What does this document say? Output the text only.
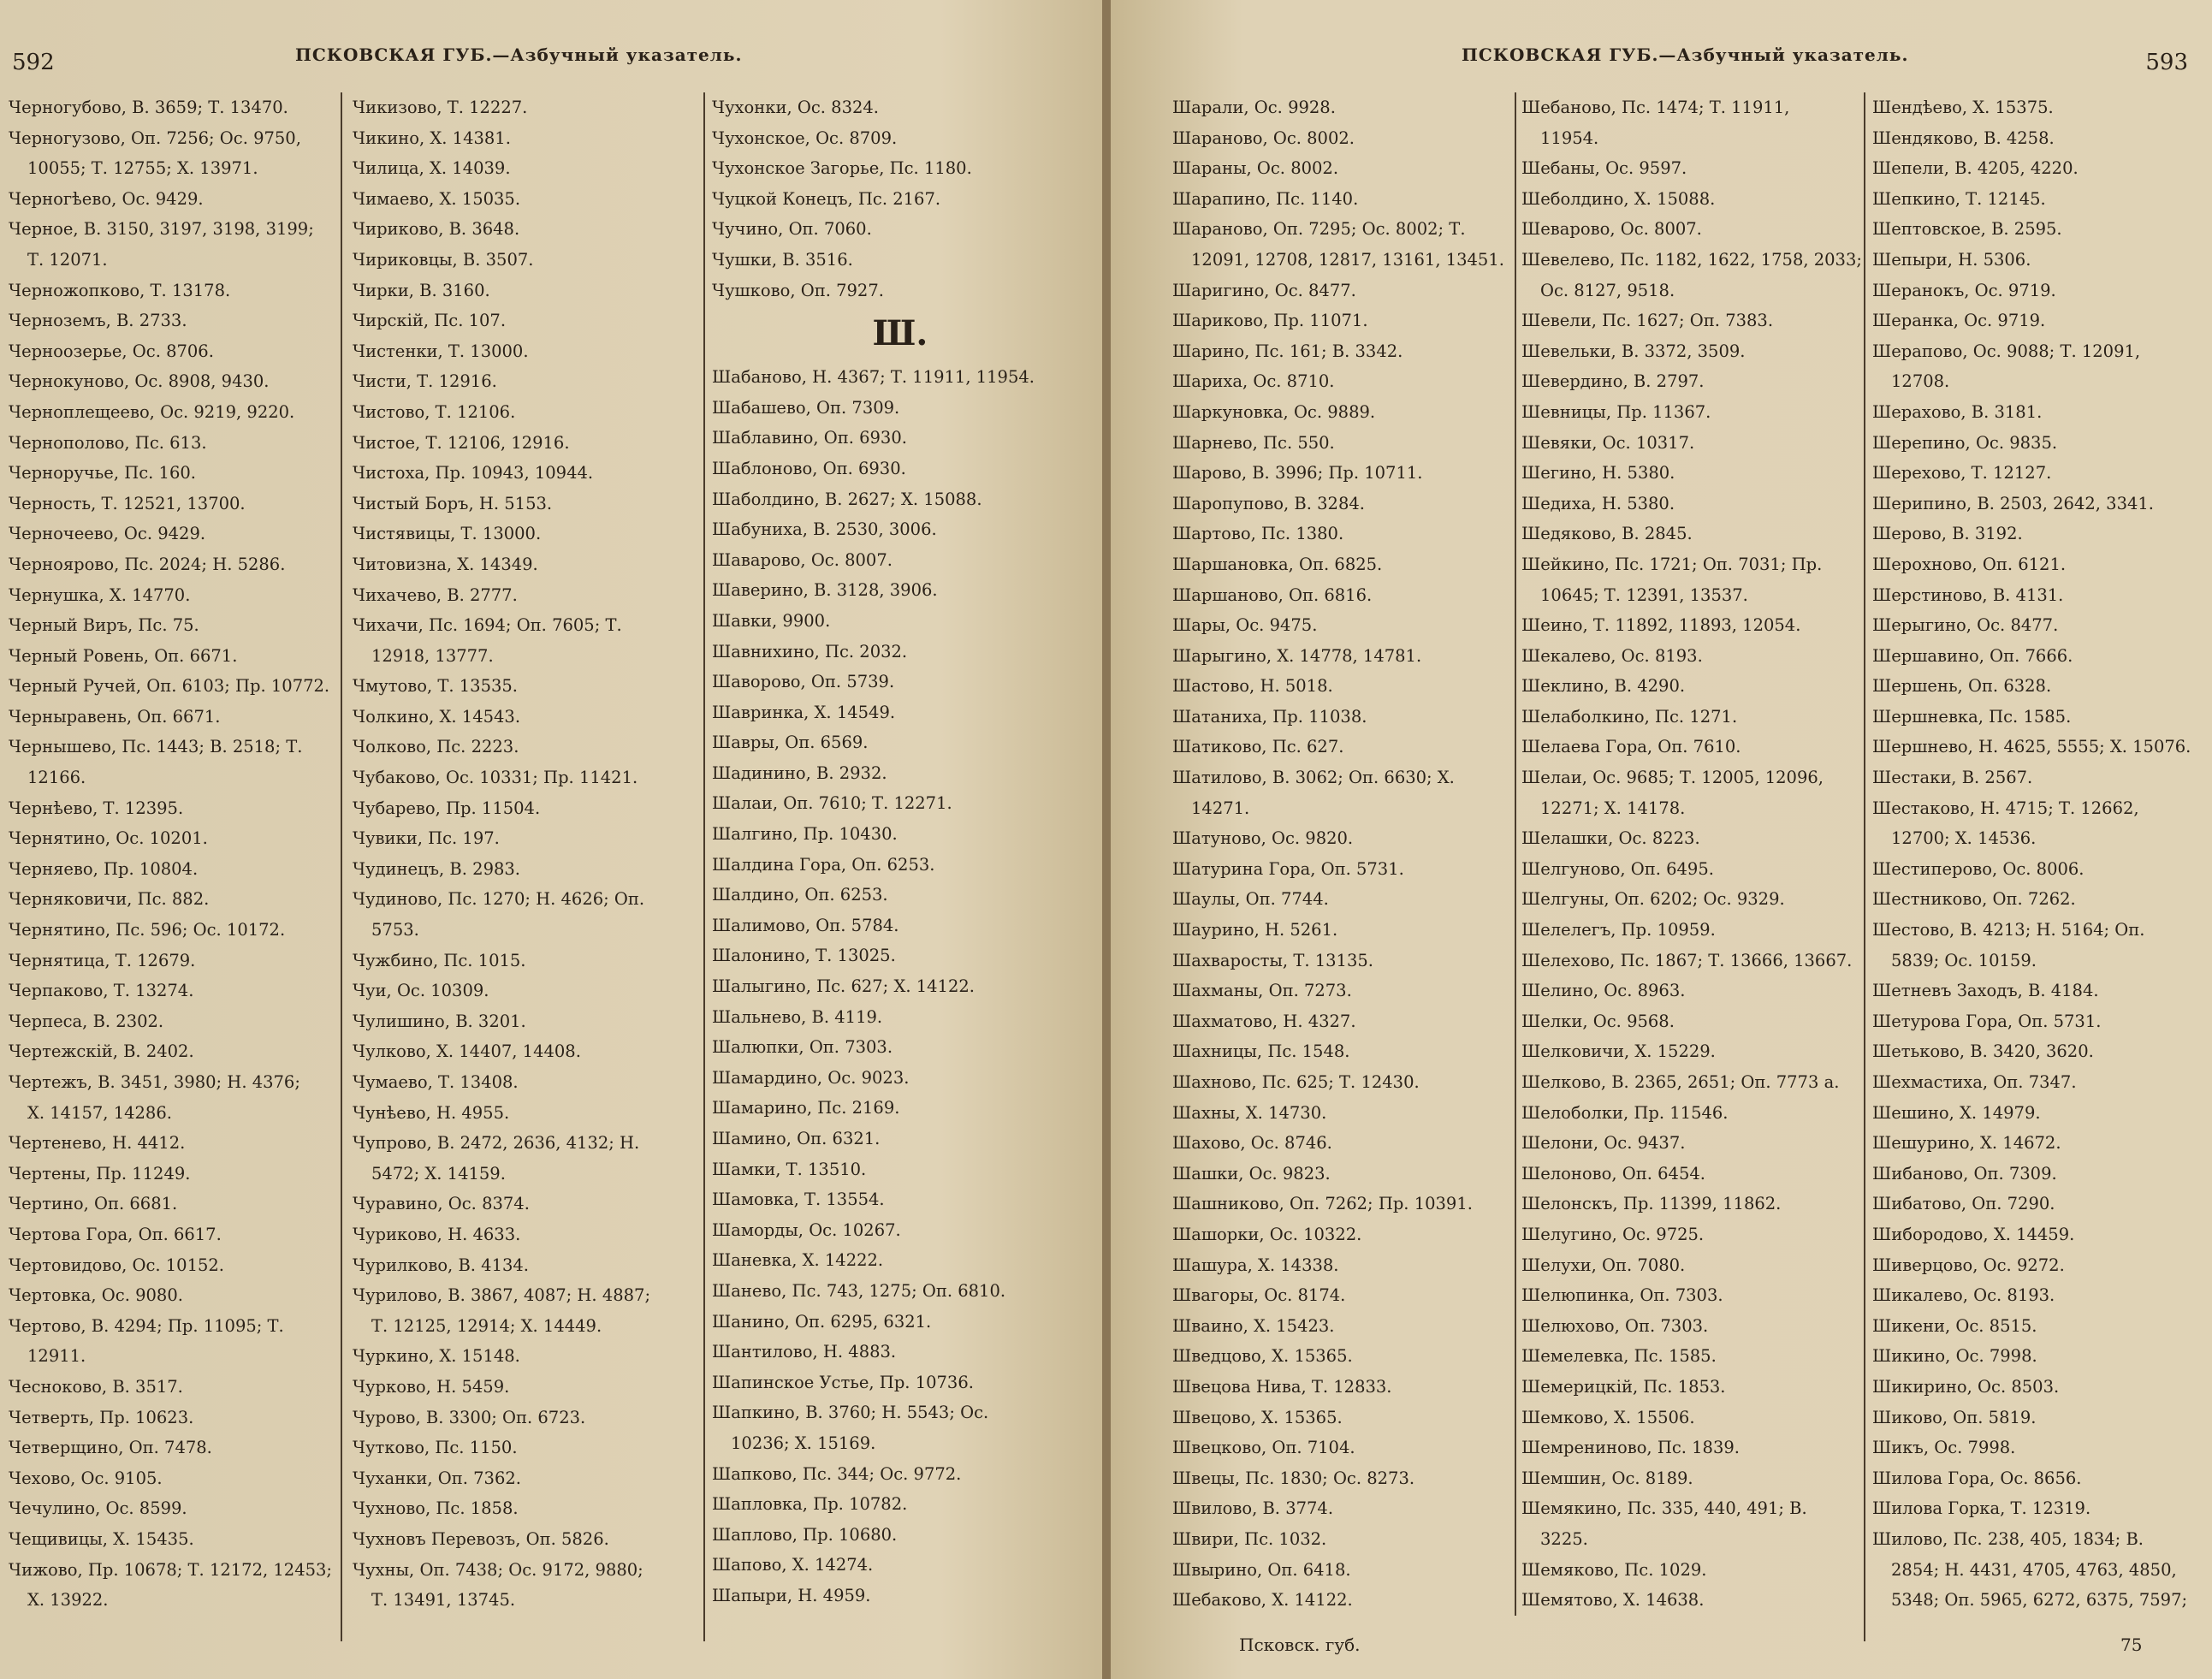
592	ПСКОВСКАЯ ГУБ.—Азбучный указатель.
Черногубово, В. 3659; Т. 13470.
Черногузово, Оп. 7256; Ос. 9750,
10055; Т. 12755; Х. 13971.
Черногѣево, Ос. 9429.
Черное, В. 3150, 3197, 3198, 3199;
Т. 12071.
Черножопково, Т. 13178.
Черноземъ, В. 2733.
Черноозерье, Ос. 8706.
Чернокуново, Ос. 8908, 9430.
Черноплещеево, Ос. 9219, 9220.
Чернополово, Пс. 613.
Черноручье, Пс. 160.
Черность, Т. 12521, 13700.
Черночеево, Ос. 9429.
Черноярово, Пс. 2024; Н. 5286.
Чернушка, Х. 14770.
Черный Виръ, Пс. 75.
Черный Ровень, Оп. 6671.
Черный Ручей, Оп. 6103; Пр. 10772.
Черныравень, Оп. 6671.
Чернышево, Пс. 1443; В. 2518; Т.
12166.
Чернѣево, Т. 12395.
Чернятино, Ос. 10201.
Черняево, Пр. 10804.
Черняковичи, Пс. 882.
Чернятино, Пс. 596; Ос. 10172.
Чернятица, Т. 12679.
Черпаково, Т. 13274.
Черпеса, В. 2302.
Чертежскій, В. 2402.
Чертежъ, В. 3451, 3980; Н. 4376;
Х. 14157, 14286.
Чертенево, Н. 4412.
Чертены, Пр. 11249.
Чертино, Оп. 6681.
Чертова Гора, Оп. 6617.
Чертовидово, Ос. 10152.
Чертовка, Ос. 9080.
Чертово, В. 4294; Пр. 11095; Т.
12911.
Чесноково, В. 3517.
Четверть, Пр. 10623.
Четверщино, Оп. 7478.
Чехово, Ос. 9105.
Чечулино, Ос. 8599.
Чещивицы, Х. 15435.
Чижово, Пр. 10678; Т. 12172, 12453;
Х. 13922.
Чикизово, Т. 12227.
Чикино, Х. 14381.
Чилица, Х. 14039.
Чимаево, Х. 15035.
Чириково, В. 3648.
Чириковцы, В. 3507.
Чирки, В. 3160.
Чирскій, Пс. 107.
Чистенки, Т. 13000.
Чисти, Т. 12916.
Чистово, Т. 12106.
Чистое, Т. 12106, 12916.
Чистоха, Пр. 10943, 10944.
Чистый Боръ, Н. 5153.
Чистявицы, Т. 13000.
Читовизна, Х. 14349.
Чихачево, В. 2777.
Чихачи, Пс. 1694; Оп. 7605; Т.
12918, 13777.
Чмутово, Т. 13535.
Чолкино, Х. 14543.
Чолково, Пс. 2223.
Чубаково, Ос. 10331; Пр. 11421.
Чубарево, Пр. 11504.
Чувики, Пс. 197.
Чудинецъ, В. 2983.
Чудиново, Пс. 1270; Н. 4626; Оп.
5753.
Чужбино, Пс. 1015.
Чуи, Ос. 10309.
Чулишино, В. 3201.
Чулково, Х. 14407, 14408.
Чумаево, Т. 13408.
Чунѣево, Н. 4955.
Чупрово, В. 2472, 2636, 4132; Н.
5472; Х. 14159.
Чуравино, Ос. 8374.
Чуриково, Н. 4633.
Чурилково, В. 4134.
Чурилово, В. 3867, 4087; Н. 4887;
Т. 12125, 12914; Х. 14449.
Чуркино, Х. 15148.
Чурково, Н. 5459.
Чурово, В. 3300; Оп. 6723.
Чутково, Пс. 1150.
Чуханки, Оп. 7362.
Чухново, Пс. 1858.
Чухновъ Перевозъ, Оп. 5826.
Чухны, Оп. 7438; Ос. 9172, 9880;
Т. 13491, 13745.
Чухонки, Ос. 8324.
Чухонское, Ос. 8709.
Чухонское Загорье, Пс. 1180.
Чуцкой Конецъ, Пс. 2167.
Чучино, Оп. 7060.
Чушки, В. 3516.
Чушково, Оп. 7927.
Ш.
Шабаново, Н. 4367; Т. 11911, 11954.
Шабашево, Оп. 7309.
Шаблавино, Оп. 6930.
Шаблоново, Оп. 6930.
Шаболдино, В. 2627; Х. 15088.
Шабуниха, В. 2530, 3006.
Шаварово, Ос. 8007.
Шаверино, В. 3128, 3906.
Шавки, 9900.
Шавнихино, Пс. 2032.
Шаворово, Оп. 5739.
Шавринка, Х. 14549.
Шавры, Оп. 6569.
Шадинино, В. 2932.
Шалаи, Оп. 7610; Т. 12271.
Шалгино, Пр. 10430.
Шалдина Гора, Оп. 6253.
Шалдино, Оп. 6253.
Шалимово, Оп. 5784.
Шалонино, Т. 13025.
Шалыгино, Пс. 627; Х. 14122.
Шальнево, В. 4119.
Шалюпки, Оп. 7303.
Шамардино, Ос. 9023.
Шамарино, Пс. 2169.
Шамино, Оп. 6321.
Шамки, Т. 13510.
Шамовка, Т. 13554.
Шаморды, Ос. 10267.
Шаневка, Х. 14222.
Шанево, Пс. 743, 1275; Оп. 6810.
Шанино, Оп. 6295, 6321.
Шантилово, Н. 4883.
Шапинское Устье, Пр. 10736.
Шапкино, В. 3760; Н. 5543; Ос.
10236; Х. 15169.
Шапково, Пс. 344; Ос. 9772.
Шапловка, Пр. 10782.
Шаплово, Пр. 10680.
Шапово, Х. 14274.
Шапыри, Н. 4959.
ПСКОВСКАЯ ГУБ.—Азбучный указатель.	593
Шарали, Ос. 9928.
Шараново, Ос. 8002.
Шараны, Ос. 8002.
Шарапино, Пс. 1140.
Шараново, Оп. 7295; Ос. 8002; Т.
12091, 12708, 12817, 13161, 13451.
Шаригино, Ос. 8477.
Шариково, Пр. 11071.
Шарино, Пс. 161; В. 3342.
Шариха, Ос. 8710.
Шаркуновка, Ос. 9889.
Шарнево, Пс. 550.
Шарово, В. 3996; Пр. 10711.
Шаропупово, В. 3284.
Шартово, Пс. 1380.
Шаршановка, Оп. 6825.
Шаршаново, Оп. 6816.
Шары, Ос. 9475.
Шарыгино, Х. 14778, 14781.
Шастово, Н. 5018.
Шатаниха, Пр. 11038.
Шатиково, Пс. 627.
Шатилово, В. 3062; Оп. 6630; Х.
14271.
Шатуново, Ос. 9820.
Шатурина Гора, Оп. 5731.
Шаулы, Оп. 7744.
Шаурино, Н. 5261.
Шахваросты, Т. 13135.
Шахманы, Оп. 7273.
Шахматово, Н. 4327.
Шахницы, Пс. 1548.
Шахново, Пс. 625; Т. 12430.
Шахны, Х. 14730.
Шахово, Ос. 8746.
Шашки, Ос. 9823.
Шашниково, Оп. 7262; Пр. 10391.
Шашорки, Ос. 10322.
Шашура, Х. 14338.
Швагоры, Ос. 8174.
Шваино, Х. 15423.
Шведцово, Х. 15365.
Швецова Нива, Т. 12833.
Швецово, Х. 15365.
Швецково, Оп. 7104.
Швецы, Пс. 1830; Ос. 8273.
Швилово, В. 3774.
Швири, Пс. 1032.
Швырино, Оп. 6418.
Шебаково, Х. 14122.
Шебаново, Пс. 1474; Т. 11911,
11954.
Шебаны, Ос. 9597.
Шеболдино, Х. 15088.
Шеварово, Ос. 8007.
Шевелево, Пс. 1182, 1622, 1758, 2033;
Ос. 8127, 9518.
Шевели, Пс. 1627; Оп. 7383.
Шевельки, В. 3372, 3509.
Шевердино, В. 2797.
Шевницы, Пр. 11367.
Шевяки, Ос. 10317.
Шегино, Н. 5380.
Шедиха, Н. 5380.
Шедяково, В. 2845.
Шейкино, Пс. 1721; Оп. 7031; Пр.
10645; Т. 12391, 13537.
Шеино, Т. 11892, 11893, 12054.
Шекалево, Ос. 8193.
Шеклино, В. 4290.
Шелаболкино, Пс. 1271.
Шелаева Гора, Оп. 7610.
Шелаи, Ос. 9685; Т. 12005, 12096,
12271; Х. 14178.
Шелашки, Ос. 8223.
Шелгуново, Оп. 6495.
Шелгуны, Оп. 6202; Ос. 9329.
Шелелегъ, Пр. 10959.
Шелехово, Пс. 1867; Т. 13666, 13667.
Шелино, Ос. 8963.
Шелки, Ос. 9568.
Шелковичи, Х. 15229.
Шелково, В. 2365, 2651; Оп. 7773 а.
Шелоболки, Пр. 11546.
Шелони, Ос. 9437.
Шелоново, Оп. 6454.
Шелонскъ, Пр. 11399, 11862.
Шелугино, Ос. 9725.
Шелухи, Оп. 7080.
Шелюпинка, Оп. 7303.
Шелюхово, Оп. 7303.
Шемелевка, Пс. 1585.
Шемерицкій, Пс. 1853.
Шемково, Х. 15506.
Шемрениново, Пс. 1839.
Шемшин, Ос. 8189.
Шемякино, Пс. 335, 440, 491; В.
3225.
Шемяково, Пс. 1029.
Шемятово, Х. 14638.
Шендѣево, Х. 15375.
Шендяково, В. 4258.
Шепели, В. 4205, 4220.
Шепкино, Т. 12145.
Шептовское, В. 2595.
Шепыри, Н. 5306.
Шеранокъ, Ос. 9719.
Шеранка, Ос. 9719.
Шерапово, Ос. 9088; Т. 12091,
12708.
Шерахово, В. 3181.
Шерепино, Ос. 9835.
Шерехово, Т. 12127.
Шерипино, В. 2503, 2642, 3341.
Шерово, В. 3192.
Шерохново, Оп. 6121.
Шерстиново, В. 4131.
Шерыгино, Ос. 8477.
Шершавино, Оп. 7666.
Шершень, Оп. 6328.
Шершневка, Пс. 1585.
Шершнево, Н. 4625, 5555; Х. 15076.
Шестаки, В. 2567.
Шестаково, Н. 4715; Т. 12662,
12700; Х. 14536.
Шестиперово, Ос. 8006.
Шестниково, Оп. 7262.
Шестово, В. 4213; Н. 5164; Оп.
5839; Ос. 10159.
Шетневъ Заходъ, В. 4184.
Шетурова Гора, Оп. 5731.
Шетьково, В. 3420, 3620.
Шехмастиха, Оп. 7347.
Шешино, Х. 14979.
Шешурино, Х. 14672.
Шибаново, Оп. 7309.
Шибатово, Оп. 7290.
Шибородово, Х. 14459.
Шиверцово, Ос. 9272.
Шикалево, Ос. 8193.
Шикени, Ос. 8515.
Шикино, Ос. 7998.
Шикирино, Ос. 8503.
Шиково, Оп. 5819.
Шикъ, Ос. 7998.
Шилова Гора, Ос. 8656.
Шилова Горка, Т. 12319.
Шилово, Пс. 238, 405, 1834; В.
2854; Н. 4431, 4705, 4763, 4850,
5348; Оп. 5965, 6272, 6375, 7597;
Псковск. губ.	75
